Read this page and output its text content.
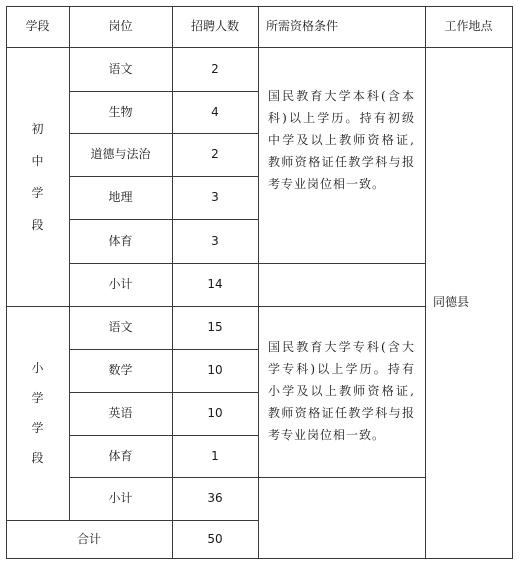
学段	岗位	招聘人数	所需资格条件	工作地点
初
中
学
段
语文	2
生物	4
道德与法治	2
地理	3
体育	3
小计	14
国民教育大学本科(含本科)以上学历。持有初级中学及以上教师资格证,教师资格证任教学科与报考专业岗位相一致。
小
学
学
段
语文	15
数学	10
英语	10
体育	1
小计	36
国民教育大学专科(含大学专科)以上学历。持有小学及以上教师资格证,教师资格证任教学科与报考专业岗位相一致。
同德县
合计	50
